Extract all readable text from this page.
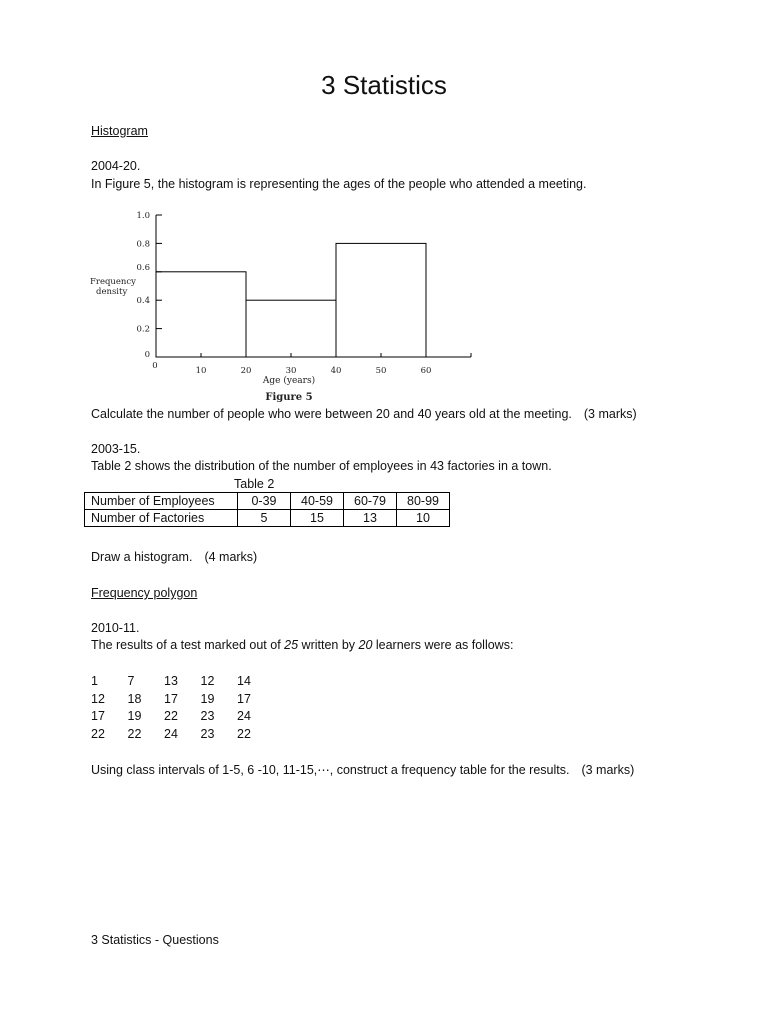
3 Statistics
Histogram
2004-20.
In Figure 5, the histogram is representing the ages of the people who attended a meeting.
0	10	20	30	40	50	60
0
0.2
0.4
0.6
0.8
1.0
Frequency
density
Age (years)
Figure 5
Calculate the number of people who were between 20 and 40 years old at the meeting. (3 marks)
2003-15.
Table 2 shows the distribution of the number of employees in 43 factories in a town.
Table 2
Number of Employees	0-39	40-59	60-79	80-99
Number of Factories	5	15	13	10
Draw a histogram. (4 marks)
Frequency polygon
2010-11.
The results of a test marked out of 25 written by 20 learners were as follows:
1	7	13	12	14
12	18	17	19	17
17	19	22	23	24
22	22	24	23	22
Using class intervals of 1-5, 6 -10, 11-15,⋯, construct a frequency table for the results. (3 marks)
3 Statistics - Questions
